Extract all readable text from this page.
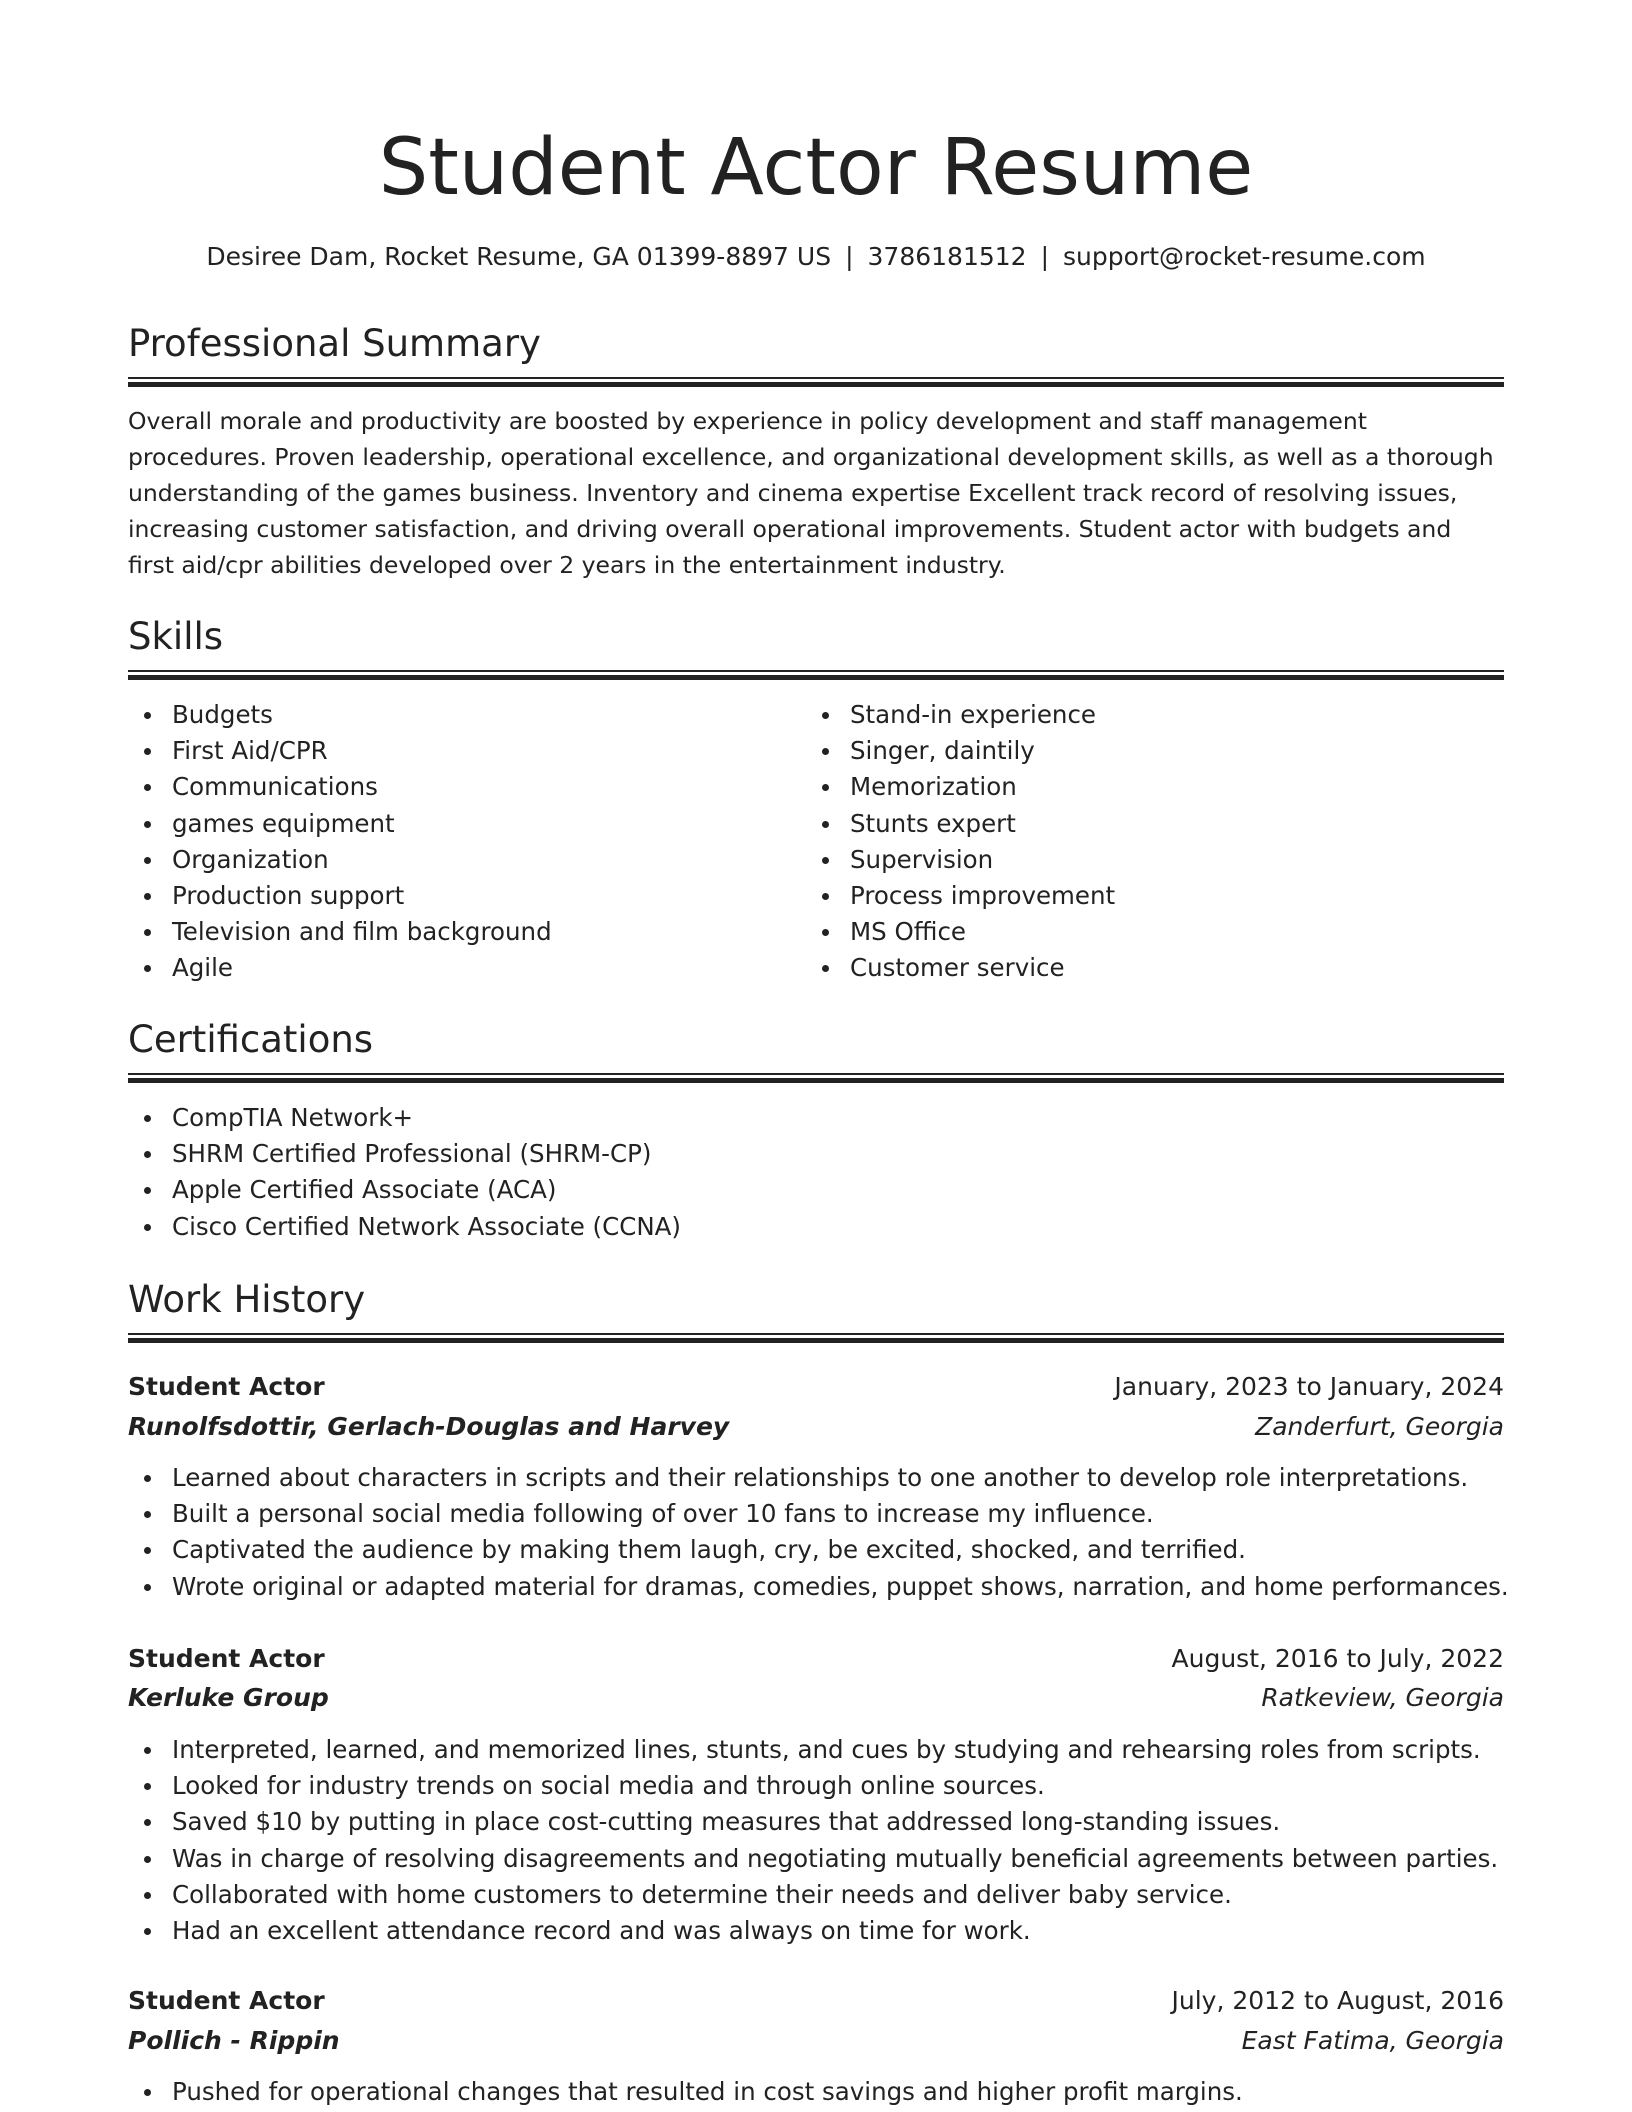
Student Actor Resume
Desiree Dam, Rocket Resume, GA 01399-8897 US | 3786181512 | support@rocket-resume.com
Professional Summary

Overall morale and productivity are boosted by experience in policy development and staff management procedures. Proven leadership, operational excellence, and organizational development skills, as well as a thorough understanding of the games business. Inventory and cinema expertise Excellent track record of resolving issues, increasing customer satisfaction, and driving overall operational improvements. Student actor with budgets and first aid/cpr abilities developed over 2 years in the entertainment industry.

Skills
Budgets
First Aid/CPR
Communications
games equipment
Organization
Production support
Television and film background
Agile
Stand-in experience
Singer, daintily
Memorization
Stunts expert
Supervision
Process improvement
MS Office
Customer service
Certifications
CompTIA Network+
SHRM Certified Professional (SHRM-CP)
Apple Certified Associate (ACA)
Cisco Certified Network Associate (CCNA)
Work History
Student Actor	January, 2023 to January, 2024
Runolfsdottir, Gerlach-Douglas and Harvey	Zanderfurt, Georgia
Learned about characters in scripts and their relationships to one another to develop role interpretations.
Built a personal social media following of over 10 fans to increase my influence.
Captivated the audience by making them laugh, cry, be excited, shocked, and terrified.
Wrote original or adapted material for dramas, comedies, puppet shows, narration, and home performances.
Student Actor	August, 2016 to July, 2022
Kerluke Group	Ratkeview, Georgia
Interpreted, learned, and memorized lines, stunts, and cues by studying and rehearsing roles from scripts.
Looked for industry trends on social media and through online sources.
Saved $10 by putting in place cost-cutting measures that addressed long-standing issues.
Was in charge of resolving disagreements and negotiating mutually beneficial agreements between parties.
Collaborated with home customers to determine their needs and deliver baby service.
Had an excellent attendance record and was always on time for work.
Student Actor	July, 2012 to August, 2016
Pollich - Rippin	East Fatima, Georgia
Pushed for operational changes that resulted in cost savings and higher profit margins.
